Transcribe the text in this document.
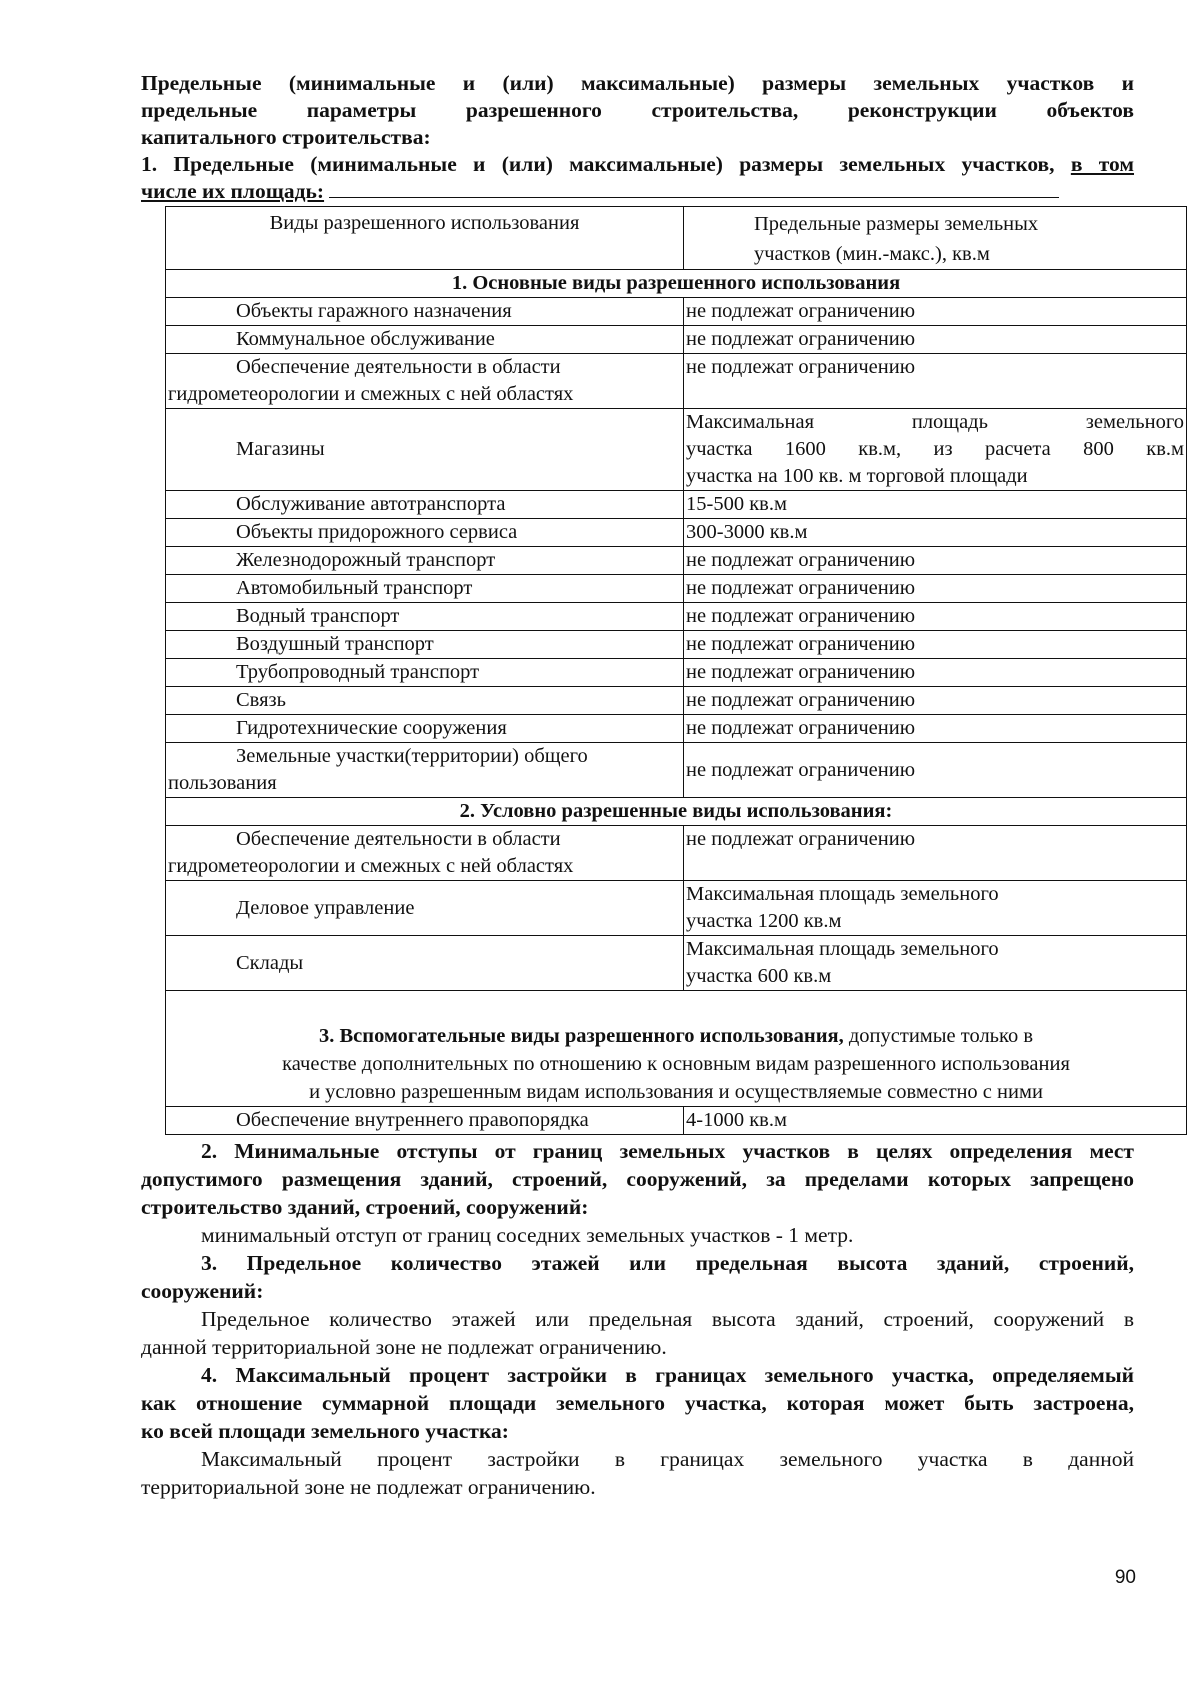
Предельные (минимальные и (или) максимальные) размеры земельных участков и
предельные параметры разрешенного строительства, реконструкции объектов
капитального строительства:
1. Предельные (минимальные и (или) максимальные) размеры земельных участков, в том
числе их площадь:
Виды разрешенного использования	Предельные размеры земельных
участков (мин.-макс.), кв.м

1. Основные виды разрешенного использования	
Объекты гаражного назначения	не подлежат ограничению
Коммунальное обслуживание	не подлежат ограничению

Обеспечение деятельности в области
гидрометеорологии и смежных с ней областях	не подлежат ограничению
Магазины	Максимальная площадь земельного
участка 1600 кв.м, из расчета 800 кв.м
участка на 100 кв. м торговой площади

Обслуживание автотранспорта	15-500 кв.м
Объекты придорожного сервиса	300-3000 кв.м
Железнодорожный транспорт	не подлежат ограничению
Автомобильный транспорт	не подлежат ограничению
Водный транспорт	не подлежат ограничению
Воздушный транспорт	не подлежат ограничению
Трубопроводный транспорт	не подлежат ограничению
Связь	не подлежат ограничению
Гидротехнические сооружения	не подлежат ограничению

Земельные участки(территории) общего
пользования	не подлежат ограничению
2. Условно разрешенные виды использования:	

Обеспечение деятельности в области
гидрометеорологии и смежных с ней областях	не подлежат ограничению
Деловое управление	Максимальная площадь земельного
участка 1200 кв.м

Склады	Максимальная площадь земельного
участка 600 кв.м

3. Вспомогательные виды разрешенного использования, допустимые только в
качестве дополнительных по отношению к основным видам разрешенного использования
и условно разрешенным видам использования и осуществляемые совместно с ними	

Обеспечение внутреннего правопорядка	4-1000 кв.м
2. Минимальные отступы от границ земельных участков в целях определения мест
допустимого размещения зданий, строений, сооружений, за пределами которых запрещено
строительство зданий, строений, сооружений:
минимальный отступ от границ соседних земельных участков - 1 метр.
3. Предельное количество этажей или предельная высота зданий, строений,
сооружений:
Предельное количество этажей или предельная высота зданий, строений, сооружений в
данной территориальной зоне не подлежат ограничению.
4. Максимальный процент застройки в границах земельного участка, определяемый
как отношение суммарной площади земельного участка, которая может быть застроена,
ко всей площади земельного участка:
Максимальный процент застройки в границах земельного участка в данной
территориальной зоне не подлежат ограничению.
90
